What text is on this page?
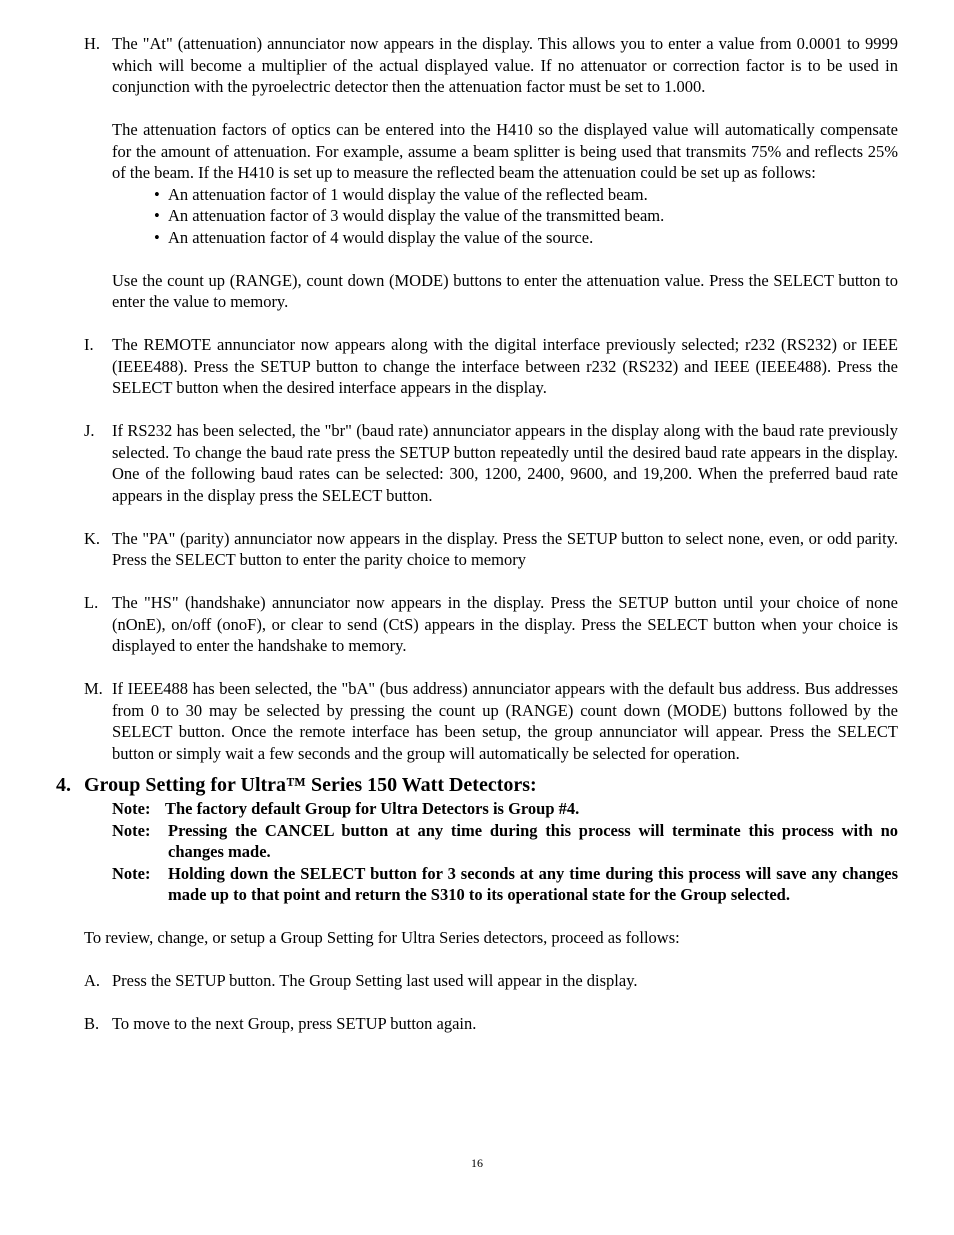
H. The "At" (attenuation) annunciator now appears in the display. This allows you to enter a value from 0.0001 to 9999 which will become a multiplier of the actual displayed value. If no attenuator or correction factor is to be used in conjunction with the pyroelectric detector then the attenuation factor must be set to 1.000.
The attenuation factors of optics can be entered into the H410 so the displayed value will automatically compensate for the amount of attenuation. For example, assume a beam splitter is being used that transmits 75% and reflects 25% of the beam. If the H410 is set up to measure the reflected beam the attenuation could be set up as follows:
• An attenuation factor of 1 would display the value of the reflected beam.
• An attenuation factor of 3 would display the value of the transmitted beam.
• An attenuation factor of 4 would display the value of the source.
Use the count up (RANGE), count down (MODE) buttons to enter the attenuation value. Press the SELECT button to enter the value to memory.
I. The REMOTE annunciator now appears along with the digital interface previously selected; r232 (RS232) or IEEE (IEEE488). Press the SETUP button to change the interface between r232 (RS232) and IEEE (IEEE488). Press the SELECT button when the desired interface appears in the display.
J. If RS232 has been selected, the "br" (baud rate) annunciator appears in the display along with the baud rate previously selected. To change the baud rate press the SETUP button repeatedly until the desired baud rate appears in the display. One of the following baud rates can be selected: 300, 1200, 2400, 9600, and 19,200. When the preferred baud rate appears in the display press the SELECT button.
K. The "PA" (parity) annunciator now appears in the display. Press the SETUP button to select none, even, or odd parity. Press the SELECT button to enter the parity choice to memory
L. The "HS" (handshake) annunciator now appears in the display. Press the SETUP button until your choice of none (nOnE), on/off (onoF), or clear to send (CtS) appears in the display. Press the SELECT button when your choice is displayed to enter the handshake to memory.
M. If IEEE488 has been selected, the "bA" (bus address) annunciator appears with the default bus address. Bus addresses from 0 to 30 may be selected by pressing the count up (RANGE) count down (MODE) buttons followed by the SELECT button. Once the remote interface has been setup, the group annunciator will appear. Press the SELECT button or simply wait a few seconds and the group will automatically be selected for operation.
4. Group Setting for Ultra™ Series 150 Watt Detectors:
Note: The factory default Group for Ultra Detectors is Group #4.
Note: Pressing the CANCEL button at any time during this process will terminate this process with no changes made.
Note: Holding down the SELECT button for 3 seconds at any time during this process will save any changes made up to that point and return the S310 to its operational state for the Group selected.
To review, change, or setup a Group Setting for Ultra Series detectors, proceed as follows:
A. Press the SETUP button. The Group Setting last used will appear in the display.
B. To move to the next Group, press SETUP button again.
16
